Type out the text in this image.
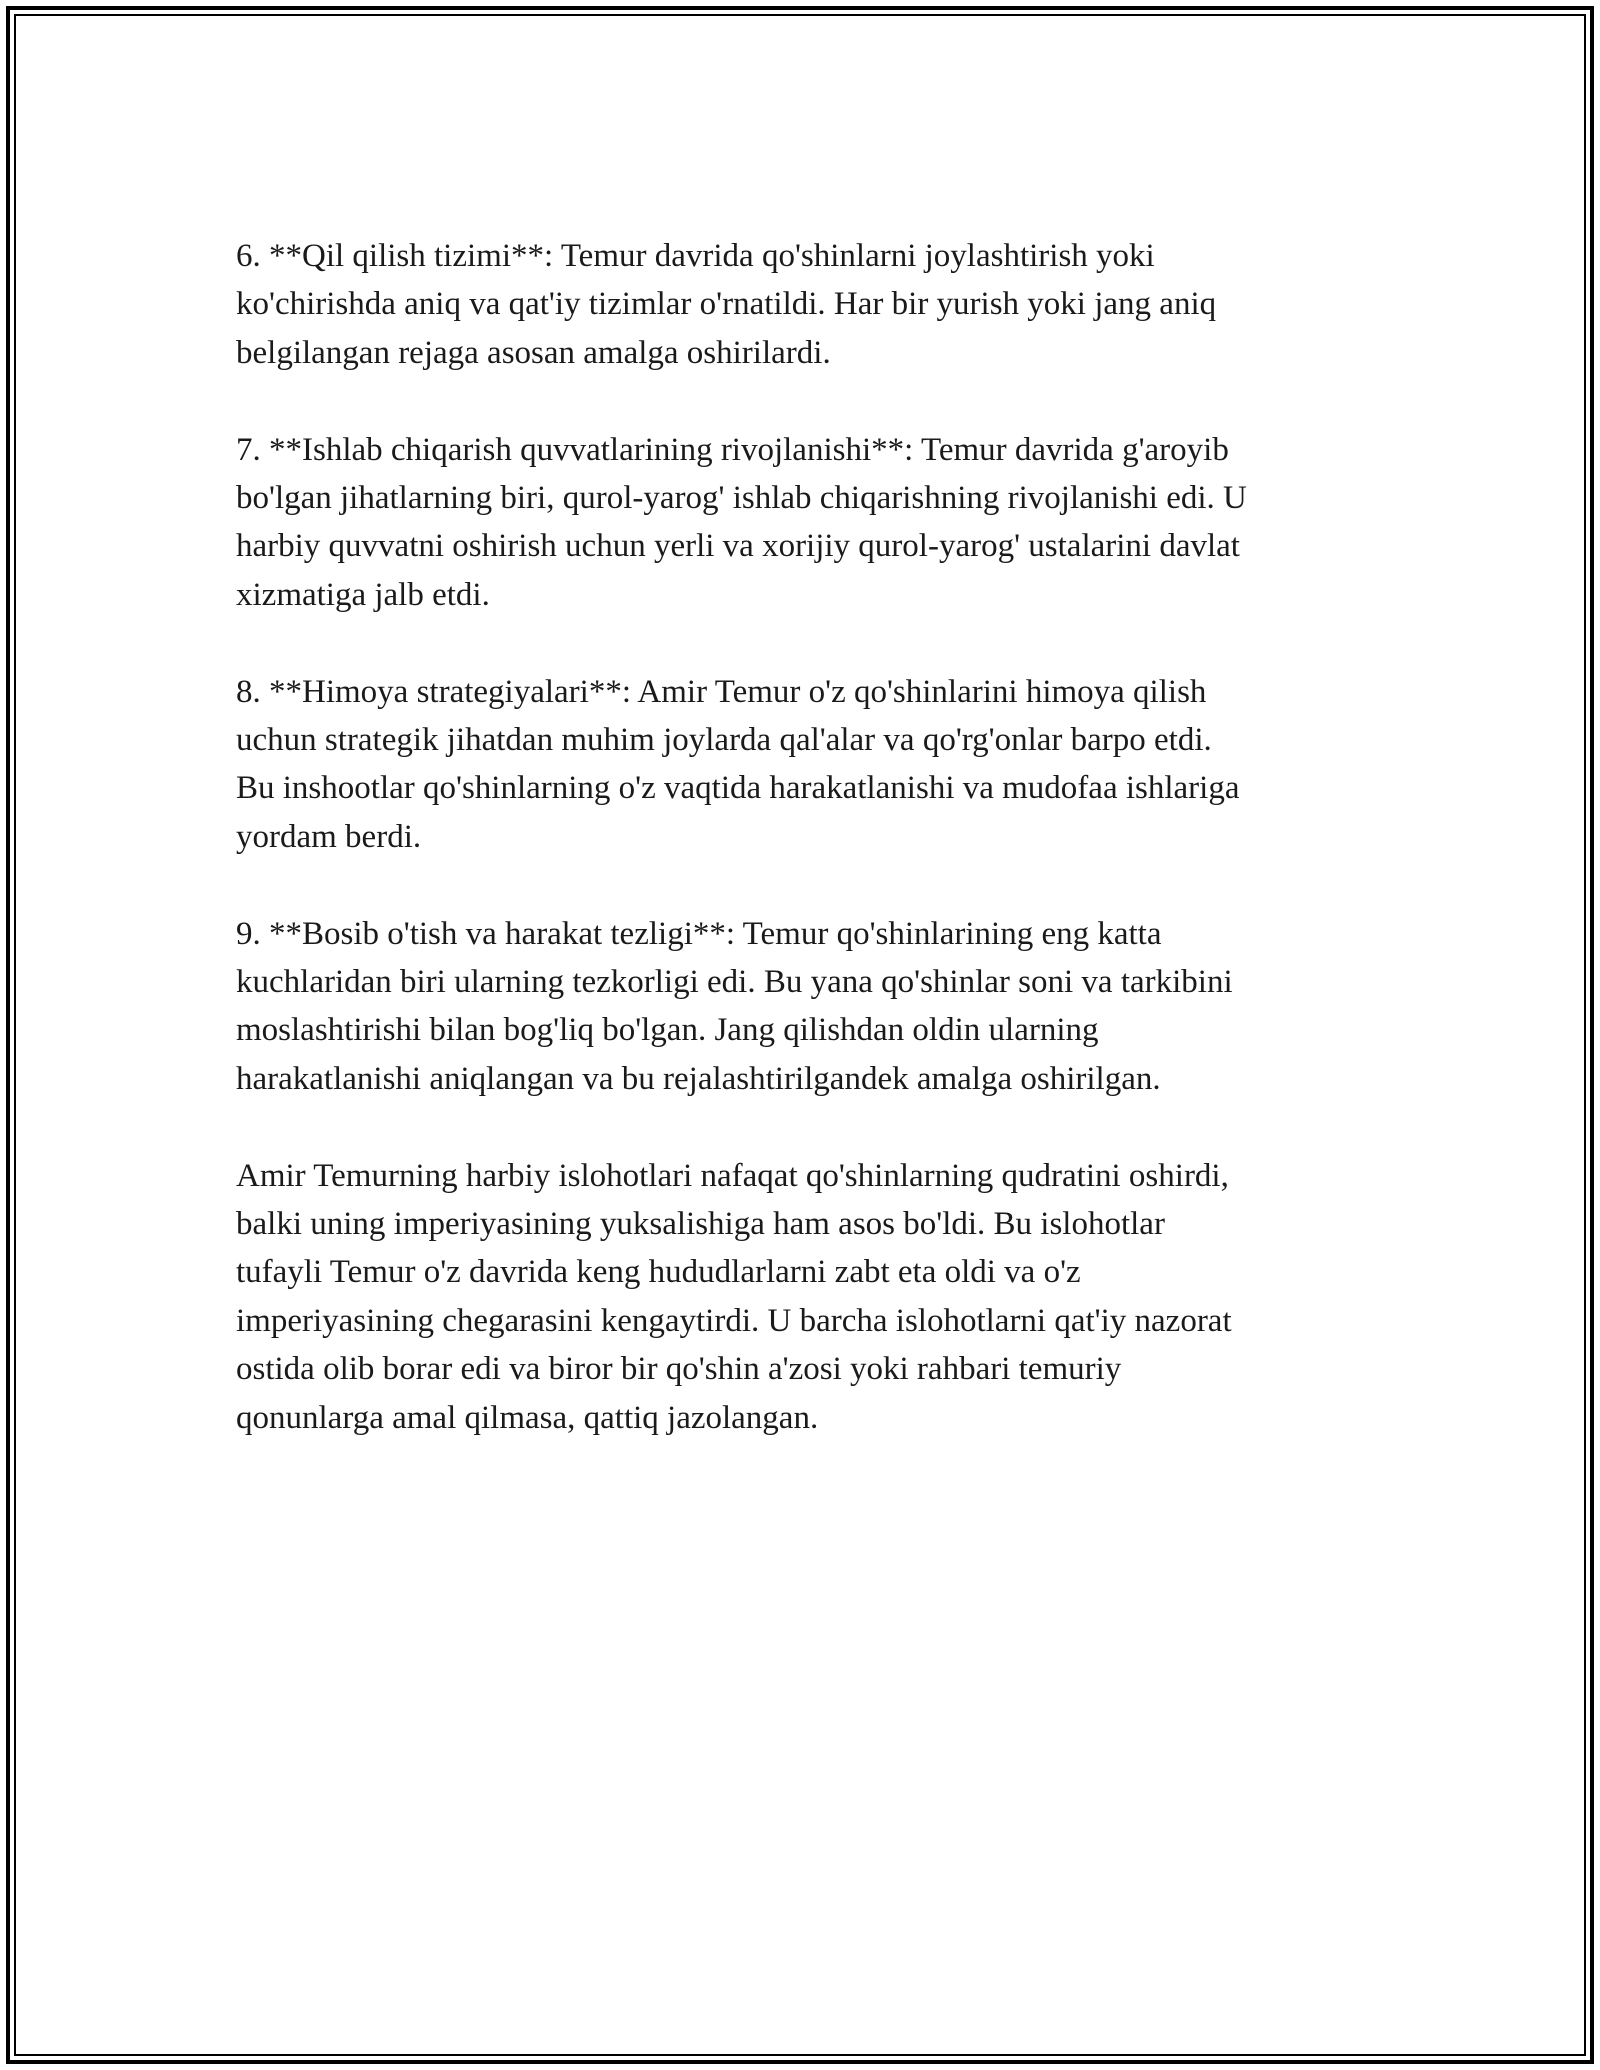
6. **Qil qilish tizimi**: Temur davrida qo'shinlarni joylashtirish yoki
ko'chirishda aniq va qat'iy tizimlar o'rnatildi. Har bir yurish yoki jang aniq
belgilangan rejaga asosan amalga oshirilardi.

7. **Ishlab chiqarish quvvatlarining rivojlanishi**: Temur davrida g'aroyib
bo'lgan jihatlarning biri, qurol-yarog' ishlab chiqarishning rivojlanishi edi. U
harbiy quvvatni oshirish uchun yerli va xorijiy qurol-yarog' ustalarini davlat
xizmatiga jalb etdi.

8. **Himoya strategiyalari**: Amir Temur o'z qo'shinlarini himoya qilish
uchun strategik jihatdan muhim joylarda qal'alar va qo'rg'onlar barpo etdi.
Bu inshootlar qo'shinlarning o'z vaqtida harakatlanishi va mudofaa ishlariga
yordam berdi.

9. **Bosib o'tish va harakat tezligi**: Temur qo'shinlarining eng katta
kuchlaridan biri ularning tezkorligi edi. Bu yana qo'shinlar soni va tarkibini
moslashtirishi bilan bog'liq bo'lgan. Jang qilishdan oldin ularning
harakatlanishi aniqlangan va bu rejalashtirilgandek amalga oshirilgan.

Amir Temurning harbiy islohotlari nafaqat qo'shinlarning qudratini oshirdi,
balki uning imperiyasining yuksalishiga ham asos bo'ldi. Bu islohotlar
tufayli Temur o'z davrida keng hududlarlarni zabt eta oldi va o'z
imperiyasining chegarasini kengaytirdi. U barcha islohotlarni qat'iy nazorat
ostida olib borar edi va biror bir qo'shin a'zosi yoki rahbari temuriy
qonunlarga amal qilmasa, qattiq jazolangan.
